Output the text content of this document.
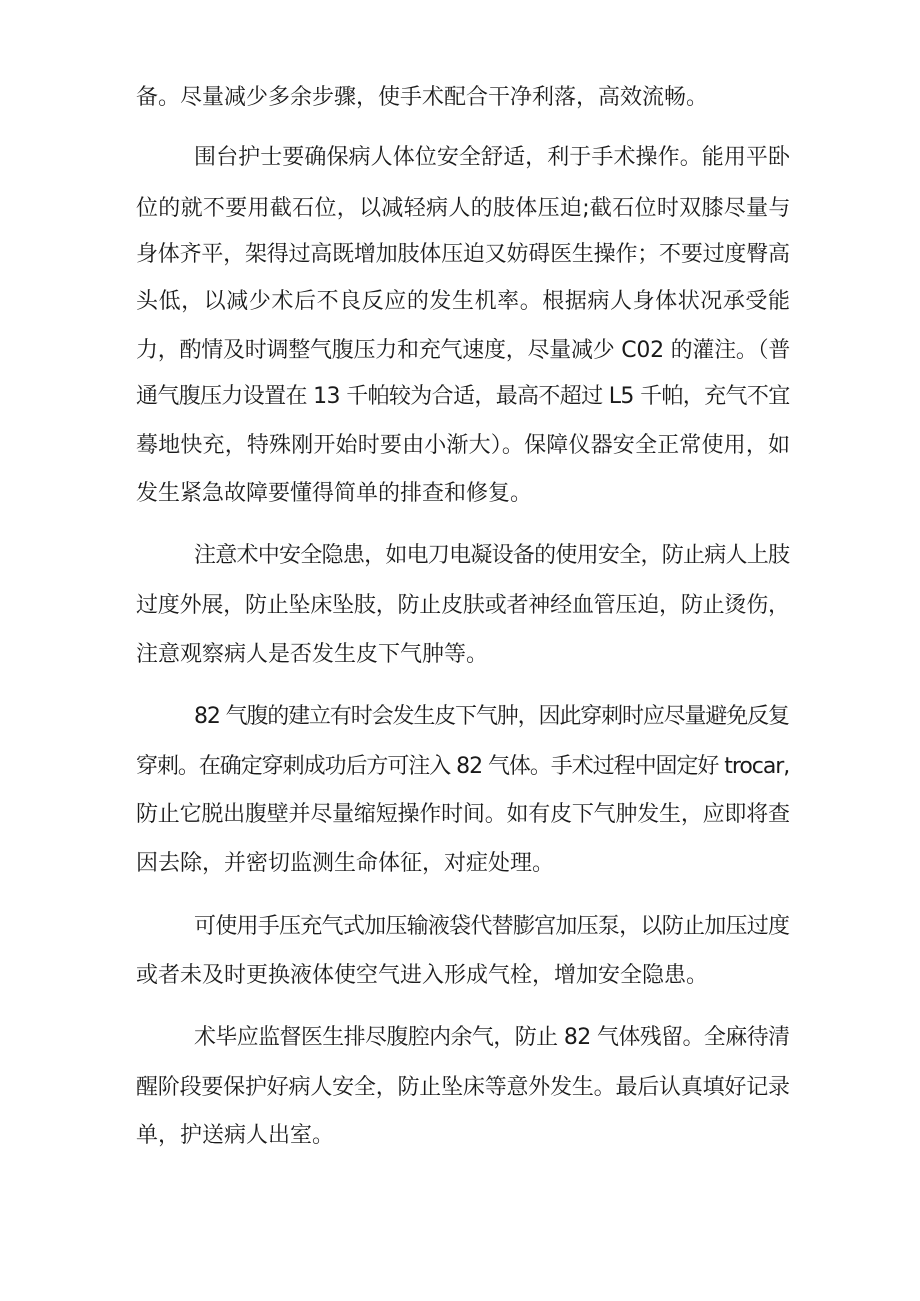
备。尽量减少多余步骤，使手术配合干净利落，高效流畅。

围台护士要确保病人体位安全舒适，利于手术操作。能用平卧

位的就不要用截石位，以减轻病人的肢体压迫;截石位时双膝尽量与

身体齐平，架得过高既增加肢体压迫又妨碍医生操作；不要过度臀高

头低，以减少术后不良反应的发生机率。根据病人身体状况承受能

力，酌情及时调整气腹压力和充气速度，尽量减少 C02 的灌注。（普

通气腹压力设置在 13 千帕较为合适，最高不超过 L5 千帕，充气不宜

蓦地快充，特殊刚开始时要由小渐大）。保障仪器安全正常使用，如

发生紧急故障要懂得简单的排查和修复。

注意术中安全隐患，如电刀电凝设备的使用安全，防止病人上肢

过度外展，防止坠床坠肢，防止皮肤或者神经血管压迫，防止烫伤，

注意观察病人是否发生皮下气肿等。

82 气腹的建立有时会发生皮下气肿，因此穿刺时应尽量避免反复

穿刺。在确定穿刺成功后方可注入 82 气体。手术过程中固定好 trocar,

防止它脱出腹壁并尽量缩短操作时间。如有皮下气肿发生，应即将查

因去除，并密切监测生命体征，对症处理。

可使用手压充气式加压输液袋代替膨宫加压泵，以防止加压过度

或者未及时更换液体使空气进入形成气栓，增加安全隐患。

术毕应监督医生排尽腹腔内余气，防止 82 气体残留。全麻待清

醒阶段要保护好病人安全，防止坠床等意外发生。最后认真填好记录

单，护送病人出室。
